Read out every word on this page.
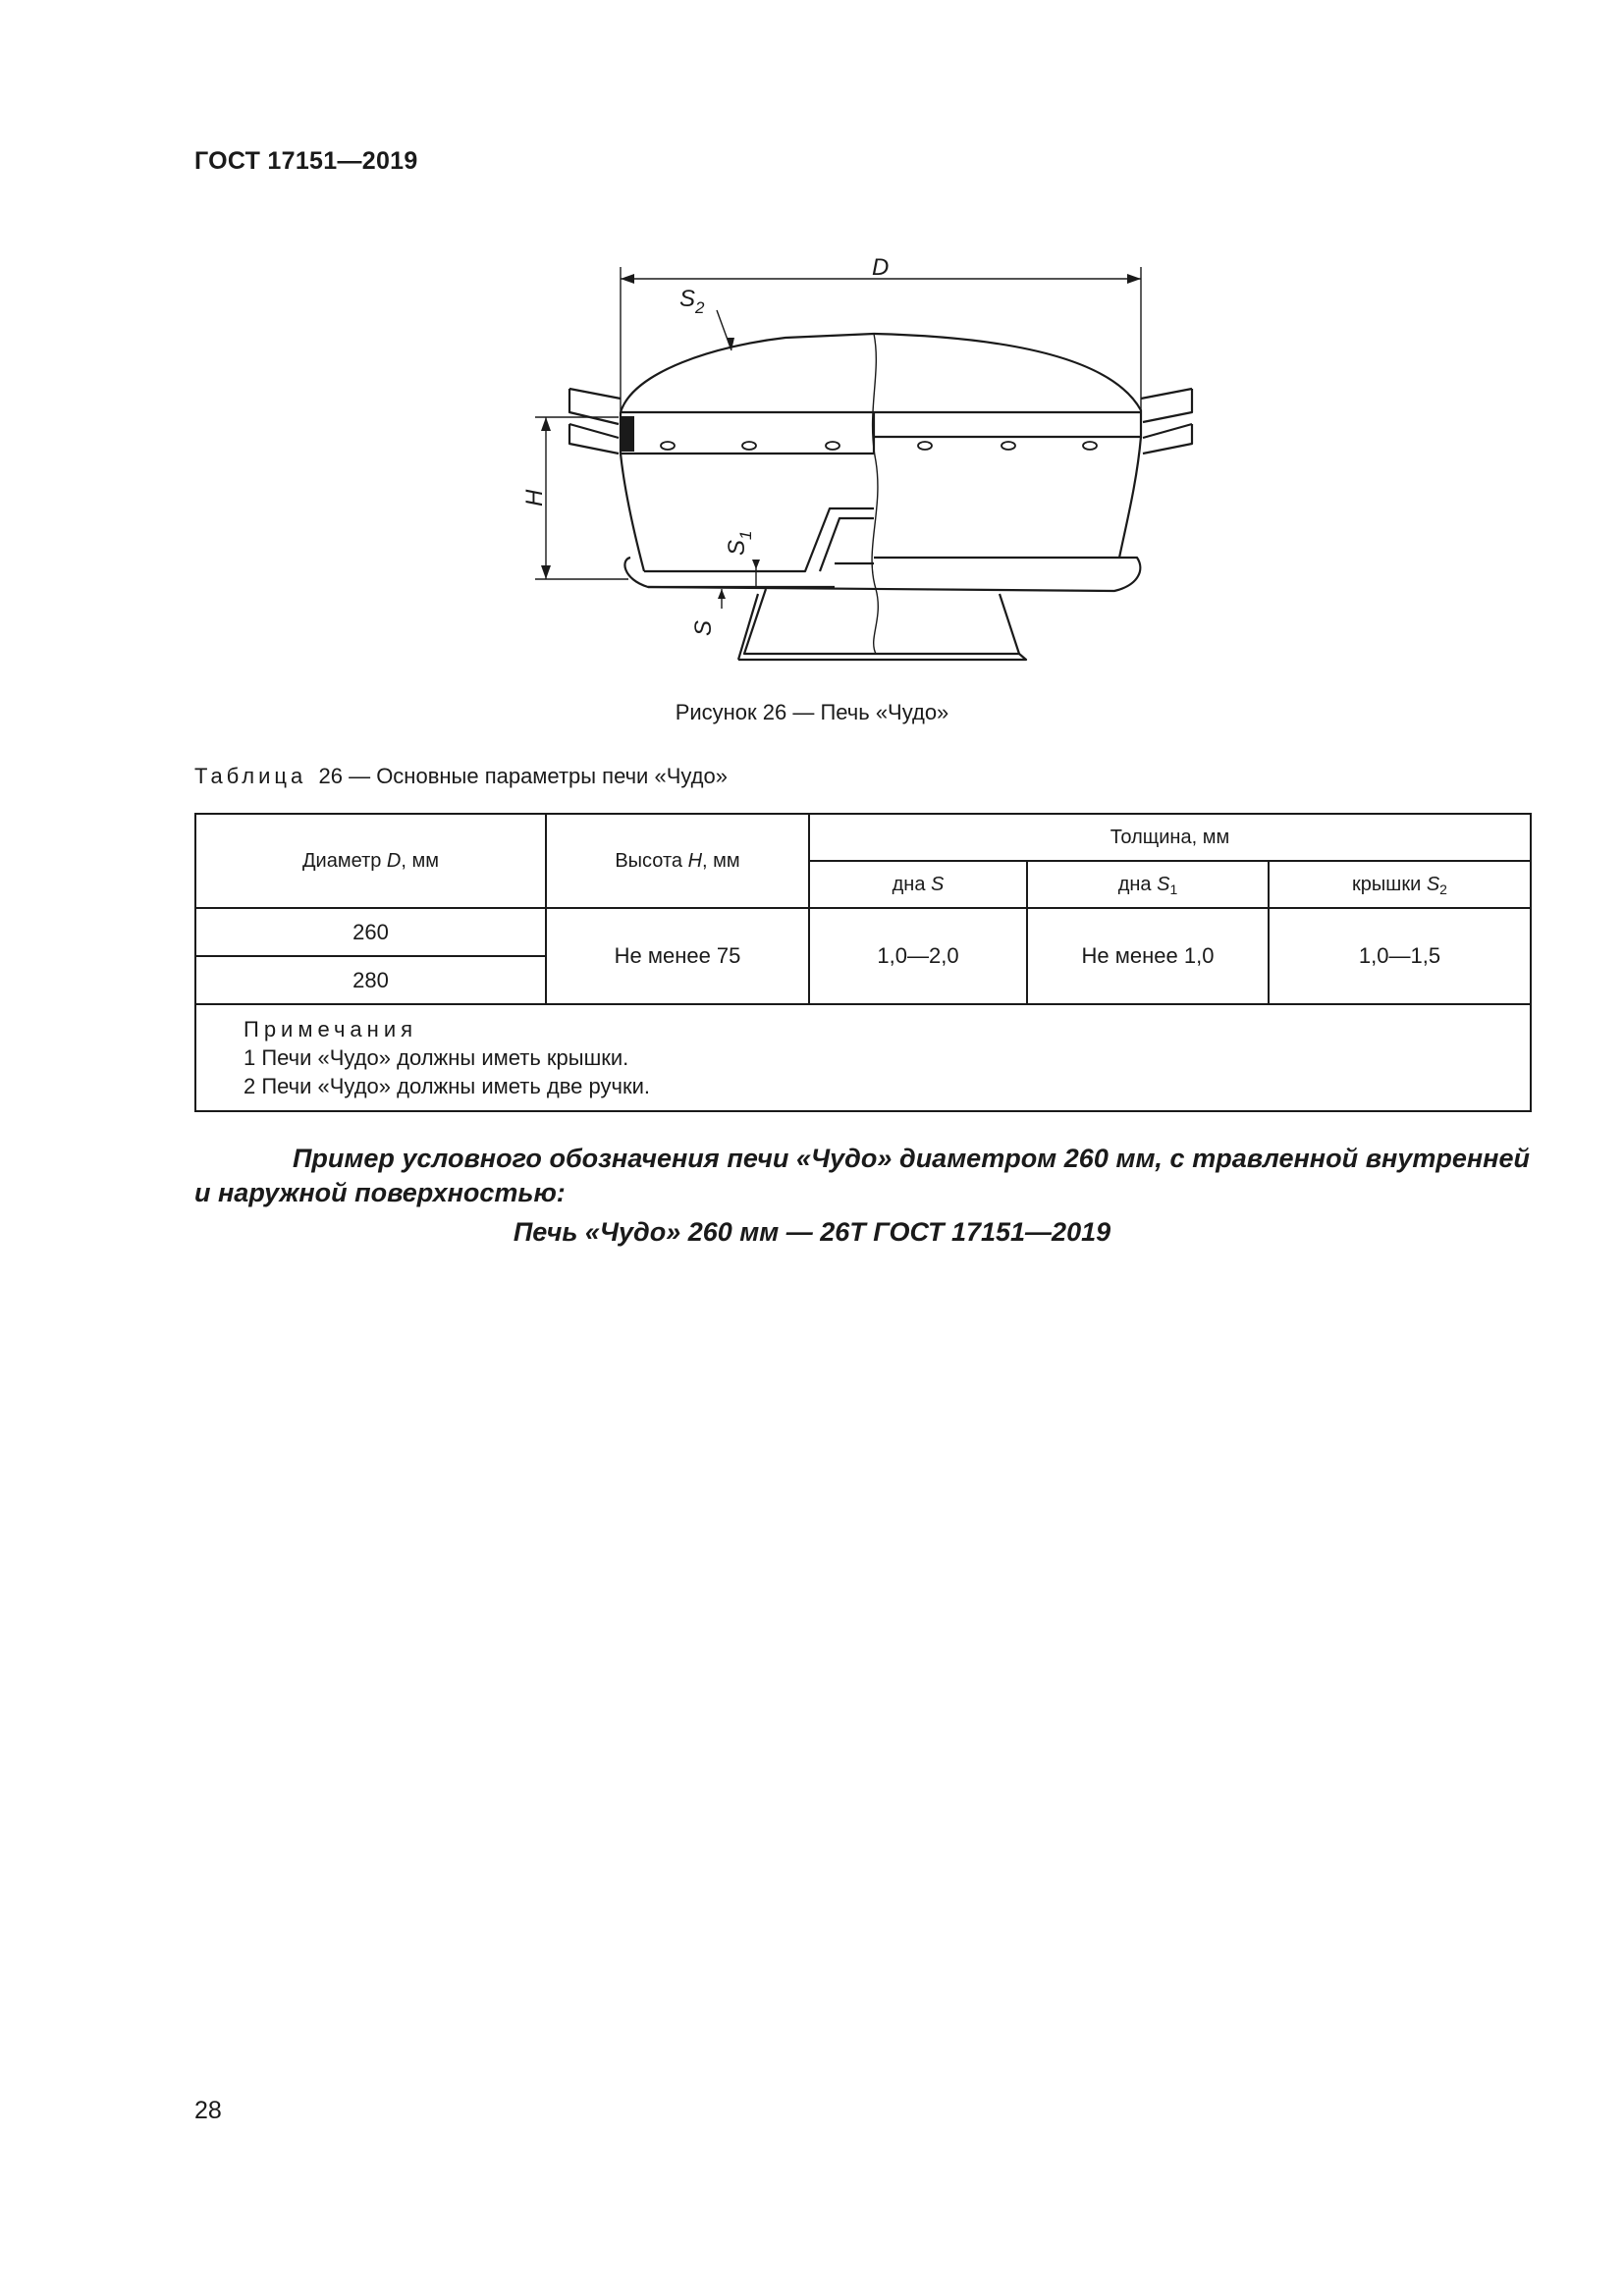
ГОСТ 17151—2019
D
$S_2$
H
$S_1$
S
Рисунок 26 — Печь «Чудо»
Таблица 26 — Основные параметры печи «Чудо»
Диаметр D, мм	Высота H, мм	Толщина, мм		
		дна S	дна $S_1$	крышки $S_2$
260	Не менее 75	1,0—2,0	Не менее 1,0	1,0—1,5
280				

Примечания
1 Печи «Чудо» должны иметь крышки.
2 Печи «Чудо» должны иметь две ручки.				
Пример условного обозначения печи «Чудо» диаметром 260 мм, с травленной внутренней и наружной поверхностью:
Печь «Чудо» 260 мм — 26Т ГОСТ 17151—2019
28
